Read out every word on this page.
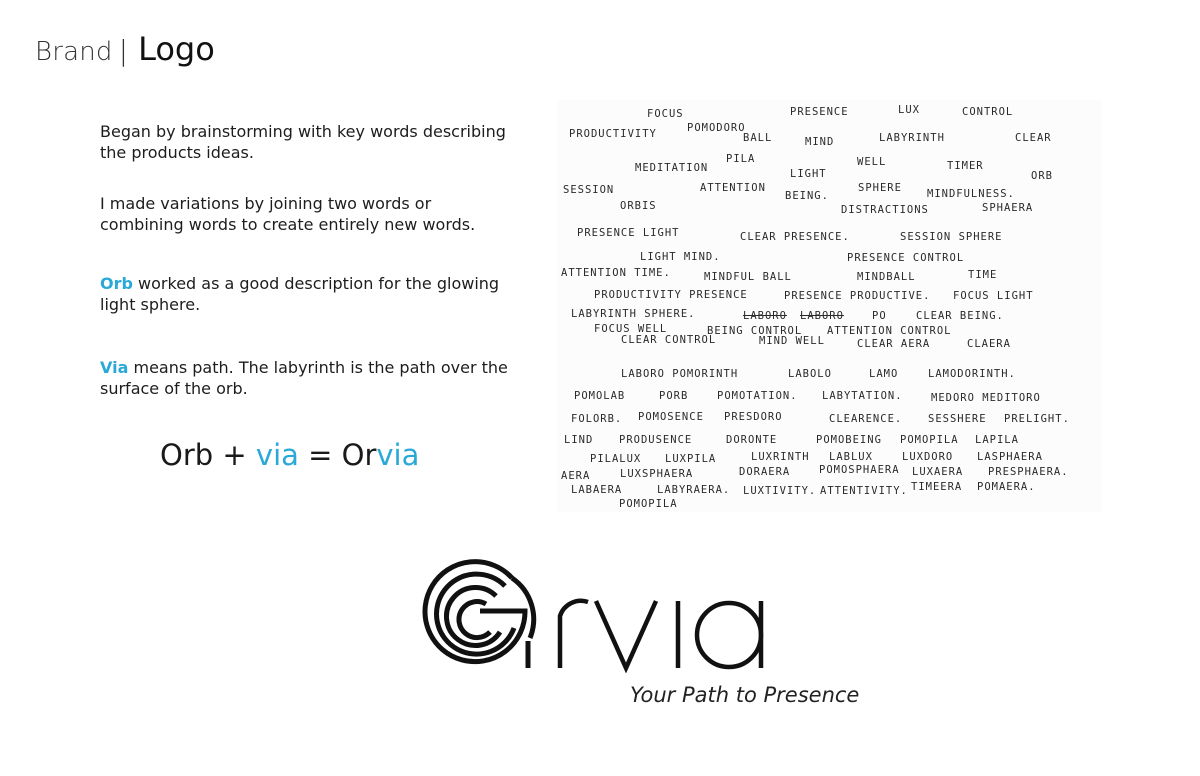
Brand | Logo
Began by brainstorming with key words describing the products ideas.
I made variations by joining two words or combining words to create entirely new words.
Orb worked as a good description for the glowing light sphere.
Via means path. The labyrinth is the path over the surface of the orb.
Orb + via = Orvia
FOCUS	PRESENCE	LUX	CONTROL
PRODUCTIVITY	POMODORO
BALL	MIND	LABYRINTH	CLEAR
MEDITATION
PILA
LIGHT
WELL	TIMER
ORB
SESSION	ATTENTION
BEING.
SPHERE MINDFULNESS.
ORBIS	DISTRACTIONS	SPHAERA
PRESENCE LIGHT	CLEAR PRESENCE.	SESSION SPHERE
LIGHT MIND.	PRESENCE CONTROL
ATTENTION TIME.	MINDFUL BALL	MINDBALL	TIME
PRODUCTIVITY PRESENCE	PRESENCE PRODUCTIVE. FOCUS LIGHT
LABYRINTH SPHERE.	LABORO LABORO	PO	CLEAR BEING.
FOCUS WELL	BEING CONTROL ATTENTION CONTROL
CLEAR CONTROL	MIND WELL	CLEAR AERA	CLAERA
LABORO POMORINTH	LABOLO	LAMO	LAMODORINTH.
POMOLAB	PORB	POMOTATION. LABYTATION.	MEDORO MEDITORO
FOLORB. POMOSENCE PRESDORO	CLEARENCE. SESSHERE PRELIGHT.
LIND PRODUSENCE	DORONTE	POMOBEING POMOPILA LAPILA
PILALUX LUXPILA	LUXRINTH LABLUX	LUXDORO LASPHAERA
AERA	LUXSPHAERA	DORAERA	POMOSPHAERA LUXAERA PRESPHAERA.
LABAERA	LABYRAERA. LUXTIVITY. ATTENTIVITY. TIMEERA POMAERA.
POMOPILA
Your Path to Presence
